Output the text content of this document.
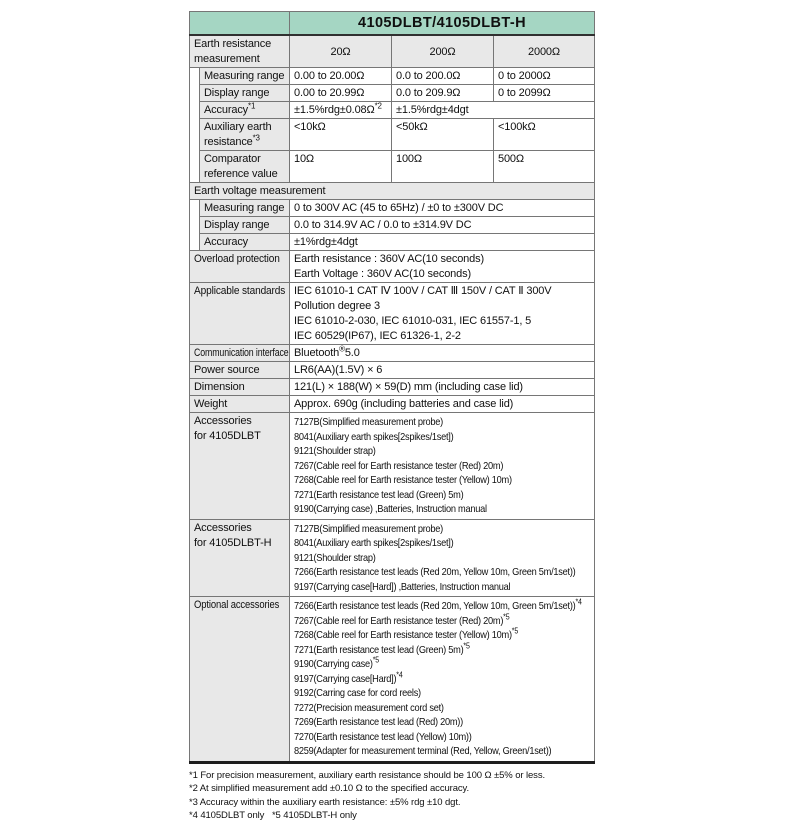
		4105DLBT/4105DLBT-H		
Earth resistance measurement		20Ω	200Ω	2000Ω
	Measuring range	0.00 to 20.00Ω	0.0 to 200.0Ω	0 to 2000Ω
	Display range	0.00 to 20.99Ω	0.0 to 209.9Ω	0 to 2099Ω
	Accuracy$^{*1}$	$\pm 1.5\%rdg\pm 0.08\Omega^{*2}$	±1.5%rdg±4dgt	
	Auxiliary earth resistance$^{*3}$	<10kΩ	<50kΩ	<100kΩ
	Comparator reference value	10Ω	100Ω	500Ω
Earth voltage measurement				
	Measuring range	0 to 300V AC (45 to 65Hz) / ±0 to ±300V DC		
	Display range	0.0 to 314.9V AC / 0.0 to ±314.9V DC		
	Accuracy	±1%rdg±4dgt		
Overload protection		Earth resistance : 360V AC(10 seconds)
Earth Voltage : 360V AC(10 seconds)		

Applicable standards		IEC 61010-1 CAT Ⅳ 100V / CAT Ⅲ 150V / CAT Ⅱ 300V
Pollution degree 3
IEC 61010-2-030, IEC 61010-031, IEC 61557-1, 5
IEC 60529(IP67), IEC 61326-1, 2-2		

Communication interface		Bluetooth®5.0		
Power source		LR6(AA)(1.5V) × 6		
Dimension		121(L) × 188(W) × 59(D) mm (including case lid)		
Weight		Approx. 690g (including batteries and case lid)		

Accessories
for 4105DLBT

7127B(Simplified measurement probe)
8041(Auxiliary earth spikes[2spikes/1set])
9121(Shoulder strap)
7267(Cable reel for Earth resistance tester (Red) 20m)
7268(Cable reel for Earth resistance tester (Yellow) 10m)
7271(Earth resistance test lead (Green) 5m)
9190(Carrying case) ,Batteries, Instruction manual

Accessories
for 4105DLBT-H

7127B(Simplified measurement probe)
8041(Auxiliary earth spikes[2spikes/1set])
9121(Shoulder strap)
7266(Earth resistance test leads (Red 20m, Yellow 10m, Green 5m/1set))
9197(Carrying case[Hard]) ,Batteries, Instruction manual

Optional accessories	7266(Earth resistance test leads (Red 20m, Yellow 10m, Green 5m/1set))$^{*4}$
7267(Cable reel for Earth resistance tester (Red) 20m)$^{*5}$
7268(Cable reel for Earth resistance tester (Yellow) 10m)$^{*5}$
7271(Earth resistance test lead (Green) 5m)$^{*5}$
9190(Carrying case)$^{*5}$
9197(Carrying case[Hard])$^{*4}$
9192(Carring case for cord reels)
7272(Precision measurement cord set)
7269(Earth resistance test lead (Red) 20m))
7270(Earth resistance test lead (Yellow) 10m))
8259(Adapter for measurement terminal (Red, Yellow, Green/1set))
*1 For precision measurement, auxiliary earth resistance should be 100 Ω ±5% or less.
*2 At simplified measurement add ±0.10 Ω to the specified accuracy.
*3 Accuracy within the auxiliary earth resistance: ±5% rdg ±10 dgt.
*4 4105DLBT only   *5 4105DLBT-H only
